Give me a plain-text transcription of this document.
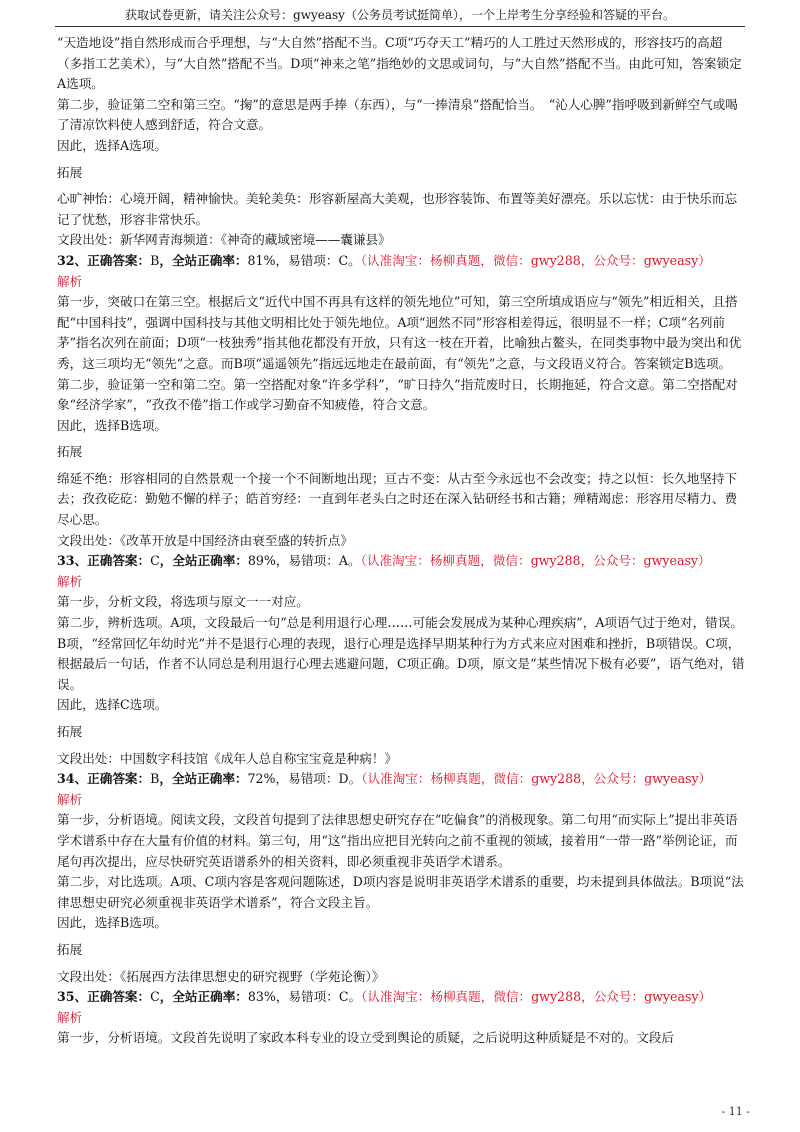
获取试卷更新，请关注公众号：gwyeasy（公务员考试挺简单），一个上岸考生分享经验和答疑的平台。

“天造地设”指自然形成而合乎理想，与“大自然”搭配不当。C项“巧夺天工”精巧的人工胜过天然形成的，形容技巧的高超（多指工艺美术），与“大自然”搭配不当。D项“神来之笔”指绝妙的文思或词句，与“大自然”搭配不当。由此可知，答案锁定A选项。

第二步，验证第二空和第三空。“掬”的意思是两手捧（东西），与“一捧清泉”搭配恰当。　“沁人心脾”指呼吸到新鲜空气或喝了清凉饮料使人感到舒适，符合文意。

因此，选择A选项。

拓展

心旷神怡：心境开阔，精神愉快。美轮美奂：形容新屋高大美观，也形容装饰、布置等美好漂亮。乐以忘忧：由于快乐而忘记了忧愁，形容非常快乐。

文段出处：新华网青海频道：《神奇的藏域密境——囊谦县》

32、正确答案：B，全站正确率：81%，易错项：C。（认准淘宝：杨柳真题，微信：gwy288，公众号：gwyeasy）

解析

第一步，突破口在第三空。根据后文“近代中国不再具有这样的领先地位”可知，第三空所填成语应与“领先”相近相关，且搭配“中国科技”，强调中国科技与其他文明相比处于领先地位。A项“迥然不同”形容相差得远，很明显不一样；C项“名列前茅”指名次列在前面；D项“一枝独秀”指其他花都没有开放，只有这一枝在开着，比喻独占鳌头，在同类事物中最为突出和优秀，这三项均无“领先”之意。而B项“遥遥领先”指远远地走在最前面，有“领先”之意，与文段语义符合。答案锁定B选项。

第二步，验证第一空和第二空。第一空搭配对象“许多学科”，“旷日持久”指荒废时日，长期拖延，符合文意。第二空搭配对象“经济学家”，“孜孜不倦”指工作或学习勤奋不知疲倦，符合文意。

因此，选择B选项。

拓展

绵延不绝：形容相同的自然景观一个接一个不间断地出现；亘古不变：从古至今永远也不会改变；持之以恒：长久地坚持下去；孜孜矻矻：勤勉不懈的样子；皓首穷经：一直到年老头白之时还在深入钻研经书和古籍；殚精竭虑：形容用尽精力、费尽心思。

文段出处：《改革开放是中国经济由衰至盛的转折点》

33、正确答案：C，全站正确率：89%，易错项：A。（认准淘宝：杨柳真题，微信：gwy288，公众号：gwyeasy）

解析

第一步，分析文段，将选项与原文一一对应。

第二步，辨析选项。A项，文段最后一句“总是利用退行心理……可能会发展成为某种心理疾病”，A项语气过于绝对，错误。B项，“经常回忆年幼时光”并不是退行心理的表现，退行心理是选择早期某种行为方式来应对困难和挫折，B项错误。C项，根据最后一句话，作者不认同总是利用退行心理去逃避问题，C项正确。D项，原文是“某些情况下极有必要”，语气绝对，错误。

因此，选择C选项。

拓展

文段出处：中国数字科技馆《成年人总自称宝宝竟是种病！》

34、正确答案：B，全站正确率：72%，易错项：D。（认准淘宝：杨柳真题，微信：gwy288，公众号：gwyeasy）

解析

第一步，分析语境。阅读文段，文段首句提到了法律思想史研究存在“吃偏食”的消极现象。第二句用“而实际上”提出非英语学术谱系中存在大量有价值的材料。第三句，用“这”指出应把目光转向之前不重视的领域，接着用“一带一路”举例论证，而尾句再次提出，应尽快研究英语谱系外的相关资料，即必须重视非英语学术谱系。

第二步，对比选项。A项、C项内容是客观问题陈述，D项内容是说明非英语学术谱系的重要，均未提到具体做法。B项说“法律思想史研究必须重视非英语学术谱系”，符合文段主旨。

因此，选择B选项。

拓展

文段出处：《拓展西方法律思想史的研究视野（学苑论衡）》

35、正确答案：C，全站正确率：83%，易错项：C。（认准淘宝：杨柳真题，微信：gwy288，公众号：gwyeasy）

解析

第一步，分析语境。文段首先说明了家政本科专业的设立受到舆论的质疑，之后说明这种质疑是不对的。文段后

- 11 -
